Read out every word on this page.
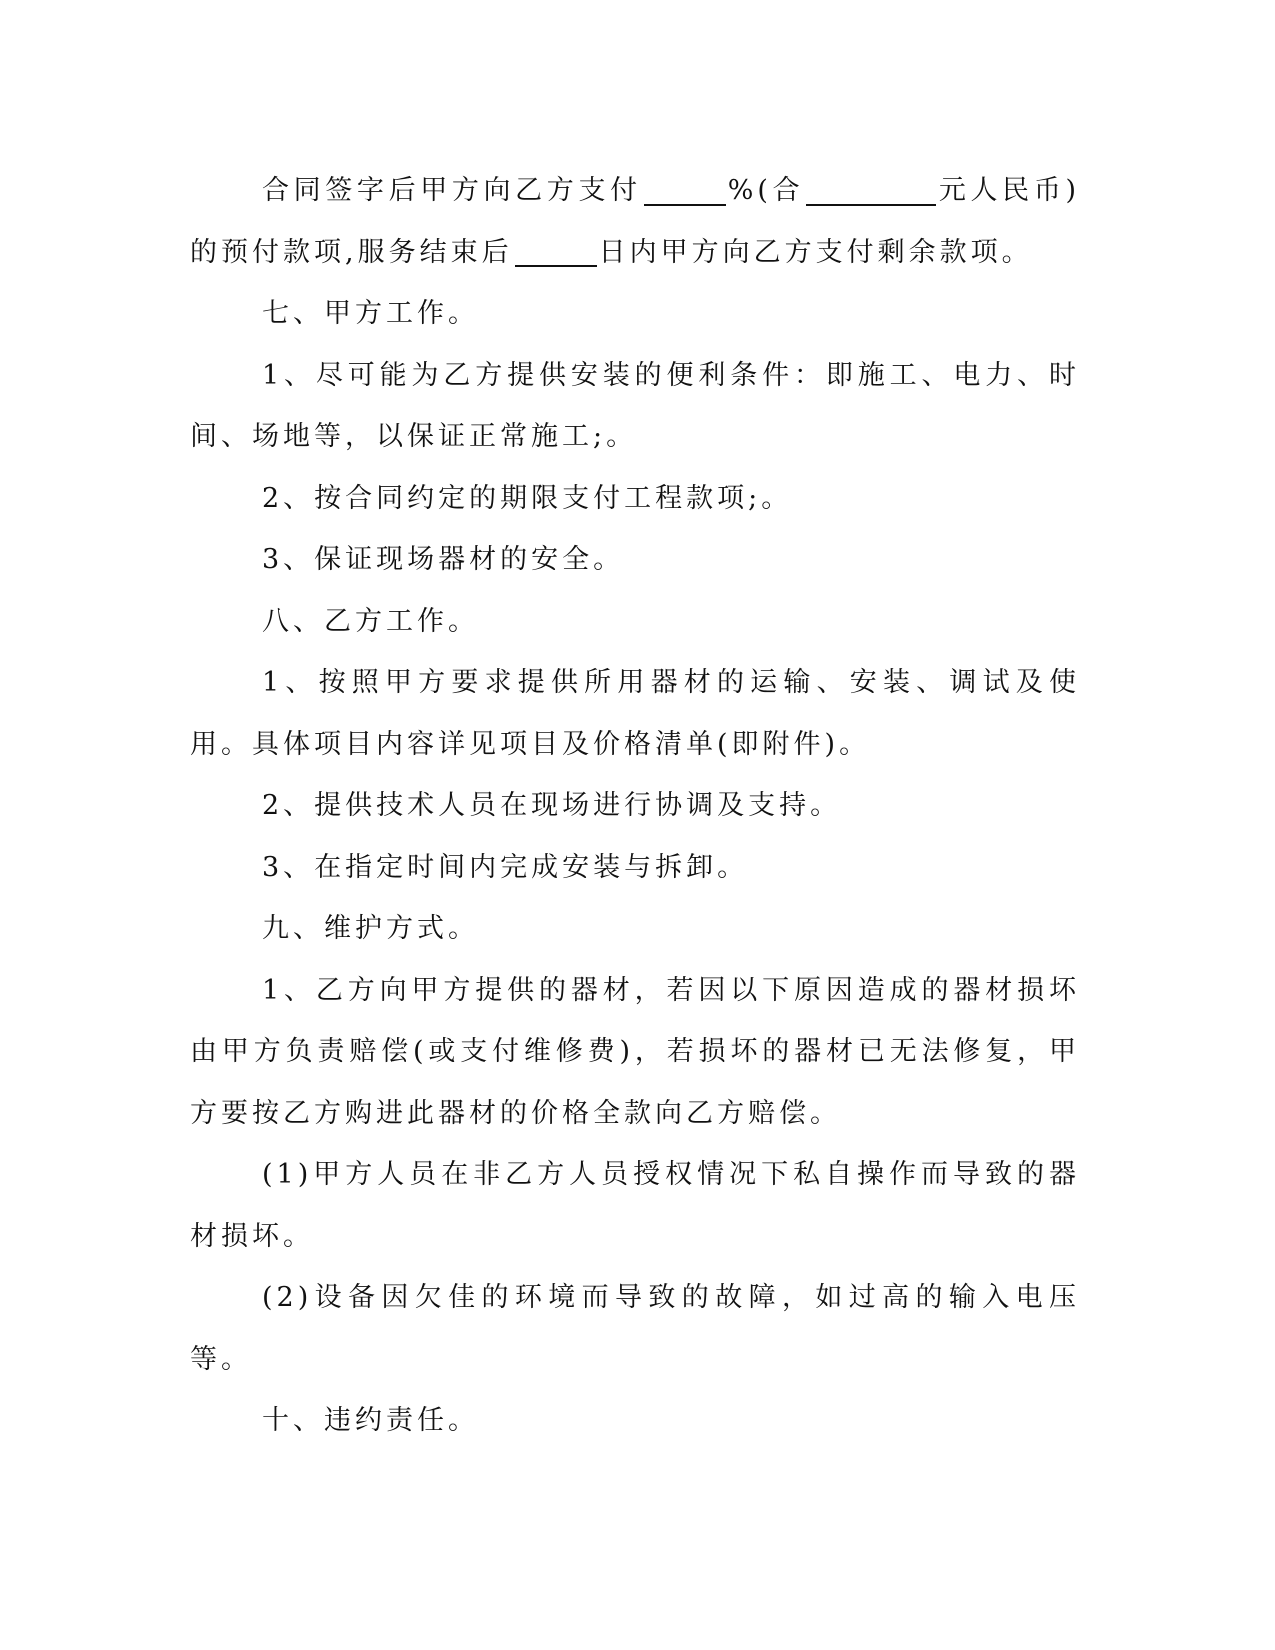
合同签字后甲方向乙方支付	%(合	元人民币)的预付款项,服务结束后	日内甲方向乙方支付剩余款项。

七、甲方工作。

1、尽可能为乙方提供安装的便利条件：即施工、电力、时间、场地等，以保证正常施工;。

2、按合同约定的期限支付工程款项;。

3、保证现场器材的安全。

八、乙方工作。

1、按照甲方要求提供所用器材的运输、安装、调试及使用。具体项目内容详见项目及价格清单(即附件)。

2、提供技术人员在现场进行协调及支持。

3、在指定时间内完成安装与拆卸。

九、维护方式。

1、乙方向甲方提供的器材，若因以下原因造成的器材损坏由甲方负责赔偿(或支付维修费)，若损坏的器材已无法修复，甲方要按乙方购进此器材的价格全款向乙方赔偿。

(1)甲方人员在非乙方人员授权情况下私自操作而导致的器材损坏。

(2)设备因欠佳的环境而导致的故障，如过高的输入电压等。

十、违约责任。
